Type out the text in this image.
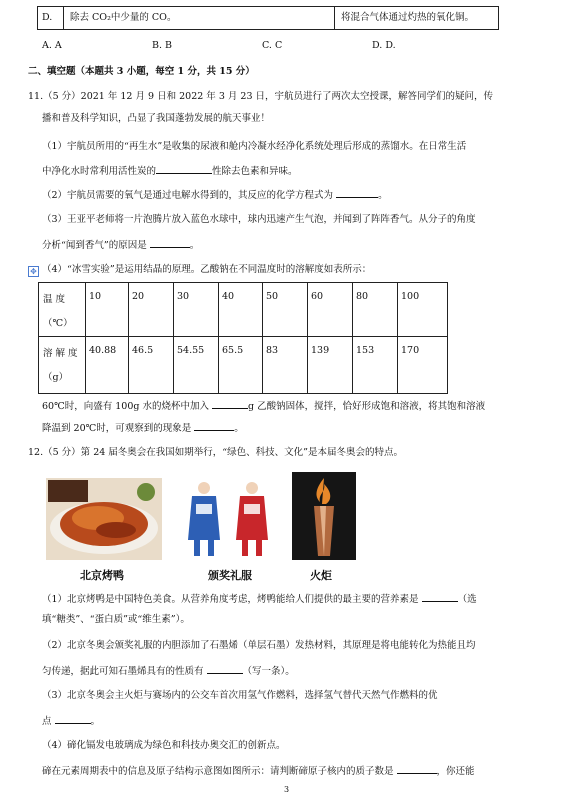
D. 除去 CO₂中少量的 CO。	将混合气体通过灼热的氧化铜。
A. A	B. B	C. C	D. D.
二、填空题（本题共 3 小题，每空 1 分，共 15 分）
11.（5 分）2021 年 12 月 9 日和 2022 年 3 月 23 日，宇航员进行了两次太空授课，解答同学们的疑问，传
播和普及科学知识，凸显了我国蓬勃发展的航天事业！
（1）宇航员所用的“再生水”是收集的尿液和舱内冷凝水经净化系统处理后形成的蒸馏水。在日常生活
中净化水时常利用活性炭的	性除去色素和异味。
（2）宇航员需要的氧气是通过电解水得到的，其反应的化学方程式为	。
（3）王亚平老师将一片泡腾片放入蓝色水球中，球内迅速产生气泡，并闻到了阵阵香气。从分子的角度
分析“闻到香气”的原因是	。
✥ （4）“冰雪实验”是运用结晶的原理。乙酸钠在不同温度时的溶解度如表所示：
温 度
（℃）
10	20	30	40	50	60	80	100
溶 解 度
（g）
40.88 46.5	54.55 65.5 83	139	153	170
60℃时，向盛有 100g 水的烧杯中加入	g 乙酸钠固体，搅拌，恰好形成饱和溶液，将其饱和溶液
降温到 20℃时，可观察到的现象是	。
12.（5 分）第 24 届冬奥会在我国如期举行，“绿色、科技、文化”是本届冬奥会的特点。
北京烤鸭	颁奖礼服	火炬
（1）北京烤鸭是中国特色美食。从营养角度考虑，烤鸭能给人们提供的最主要的营养素是	（选
填“糖类”、“蛋白质”或“维生素”）。
（2）北京冬奥会颁奖礼服的内胆添加了石墨烯（单层石墨）发热材料，其原理是将电能转化为热能且均
匀传递，据此可知石墨烯具有的性质有	（写一条）。
（3）北京冬奥会主火炬与赛场内的公交车首次用氢气作燃料，选择氢气替代天然气作燃料的优
点	。
（4）碲化镉发电玻璃成为绿色和科技办奥交汇的创新点。
碲在元素周期表中的信息及原子结构示意图如图所示：请判断碲原子核内的质子数是	，你还能
3
